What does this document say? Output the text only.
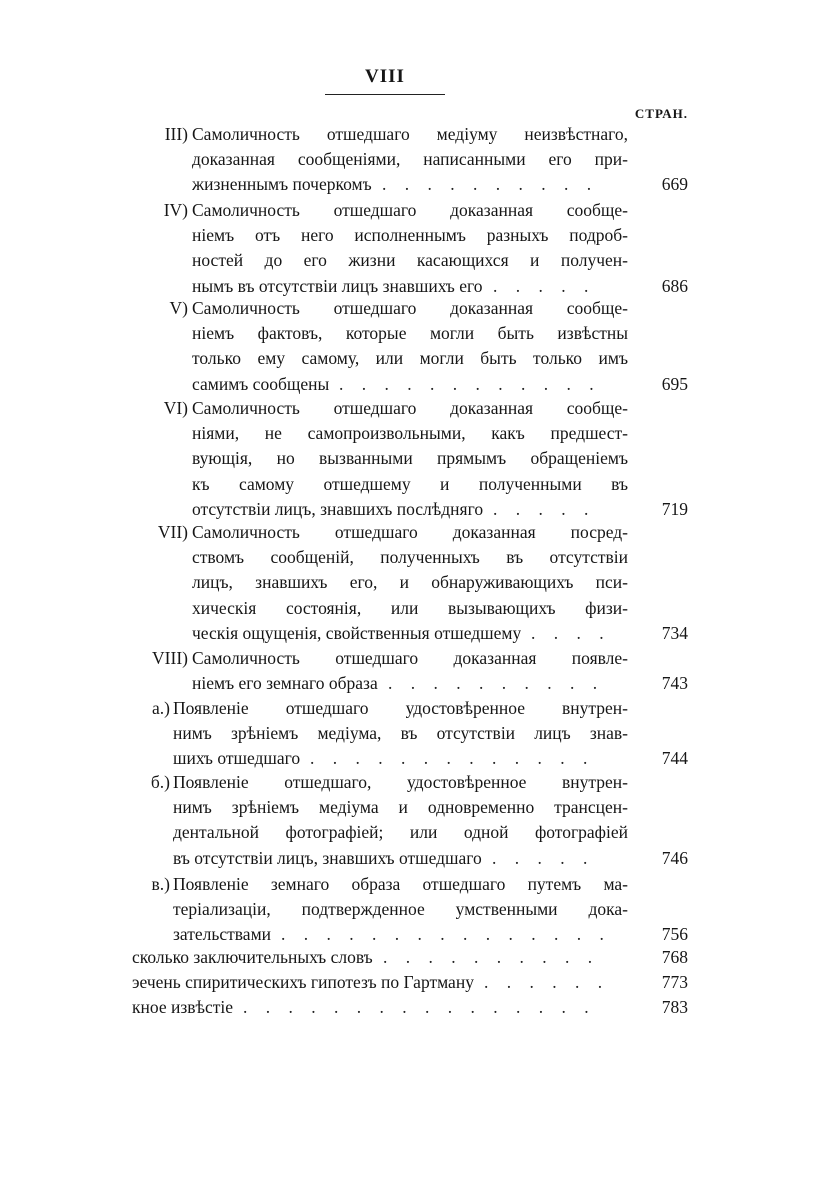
VIII
СТРАН.
III) Самоличность отшедшаго медіуму неизвѣстнаго,
доказанная сообщеніями, написанными его при-
жизненнымъ почеркомъ . . . . . . . . . .	669
IV) Самоличность отшедшаго доказанная сообще-
ніемъ отъ него исполненнымъ разныхъ подроб-
ностей до его жизни касающихся и получен-
нымъ въ отсутствіи лицъ знавшихъ его . . . . .	686
V) Самоличность отшедшаго доказанная сообще-
ніемъ фактовъ, которые могли быть извѣстны
только ему самому, или могли быть только имъ
самимъ сообщены . . . . . . . . . . . .	695
VI) Самоличность отшедшаго доказанная сообще-
ніями, не самопроизвольными, какъ предшест-
вующія, но вызванными прямымъ обращеніемъ
къ самому отшедшему и полученными въ
отсутствіи лицъ, знавшихъ послѣдняго . . . . .	719
VII) Самоличность отшедшаго доказанная посред-
ствомъ сообщеній, полученныхъ въ отсутствіи
лицъ, знавшихъ его, и обнаруживающихъ пси-
хическія состоянія, или вызывающихъ физи-
ческія ощущенія, свойственныя отшедшему . . . .	734
VIII) Самоличность отшедшаго доказанная появле-
ніемъ его земнаго образа . . . . . . . . . .	743
а.) Появленіе отшедшаго удостовѣренное внутрен-
нимъ зрѣніемъ медіума, въ отсутствіи лицъ знав-
шихъ отшедшаго . . . . . . . . . . . . .	744
б.) Появленіе отшедшаго, удостовѣренное внутрен-
нимъ зрѣніемъ медіума и одновременно трансцен-
дентальной фотографіей; или одной фотографіей
въ отсутствіи лицъ, знавшихъ отшедшаго . . . . .	746
в.) Появленіе земнаго образа отшедшаго путемъ ма-
теріализаціи, подтвержденное умственными дока-
зательствами . . . . . . . . . . . . . . .	756
сколько заключительныхъ словъ . . . . . . . . . .	768
эечень спиритическихъ гипотезъ по Гартману . . . . . .	773
кное извѣстіе . . . . . . . . . . . . . . . .	783
